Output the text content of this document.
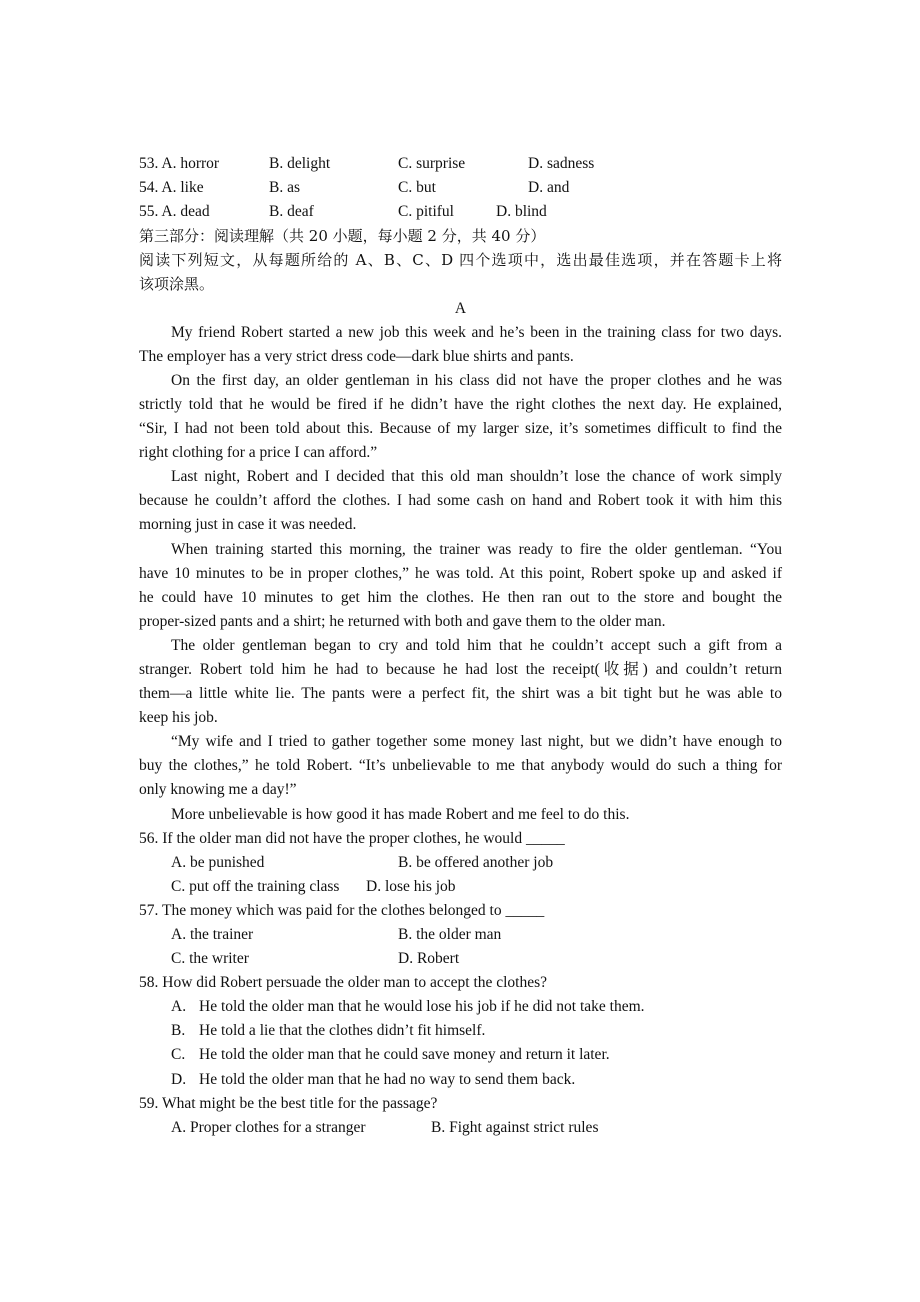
53. A. horror	B. delight	C. surprise	D. sadness
54. A. like	B. as	C. but	D. and
55. A. dead	B. deaf	C. pitiful	D. blind
第三部分：阅读理解（共 20 小题，每小题 2 分，共 40 分）
阅读下列短文，从每题所给的 A、B、C、D 四个选项中，选出最佳选项，并在答题卡上将
该项涂黑。
A
My friend Robert started a new job this week and he’s been in the training class for two days.
The employer has a very strict dress code—dark blue shirts and pants.
On the first day, an older gentleman in his class did not have the proper clothes and he was
strictly told that he would be fired if he didn’t have the right clothes the next day. He explained,
“Sir, I had not been told about this. Because of my larger size, it’s sometimes difficult to find the
right clothing for a price I can afford.”
Last night, Robert and I decided that this old man shouldn’t lose the chance of work simply
because he couldn’t afford the clothes. I had some cash on hand and Robert took it with him this
morning just in case it was needed.
When training started this morning, the trainer was ready to fire the older gentleman. “You
have 10 minutes to be in proper clothes,” he was told. At this point, Robert spoke up and asked if
he could have 10 minutes to get him the clothes. He then ran out to the store and bought the
proper-sized pants and a shirt; he returned with both and gave them to the older man.
The older gentleman began to cry and told him that he couldn’t accept such a gift from a
stranger. Robert told him he had to because he had lost the receipt(收据) and couldn’t return
them—a little white lie. The pants were a perfect fit, the shirt was a bit tight but he was able to
keep his job.
“My wife and I tried to gather together some money last night, but we didn’t have enough to
buy the clothes,” he told Robert. “It’s unbelievable to me that anybody would do such a thing for
only knowing me a day!”
More unbelievable is how good it has made Robert and me feel to do this.
56. If the older man did not have the proper clothes, he would _____
A. be punished	B. be offered another job
C. put off the training class D. lose his job
57. The money which was paid for the clothes belonged to _____
A. the trainer	B. the older man
C. the writer	D. Robert
58. How did Robert persuade the older man to accept the clothes?
A. He told the older man that he would lose his job if he did not take them.
B. He told a lie that the clothes didn’t fit himself.
C. He told the older man that he could save money and return it later.
D. He told the older man that he had no way to send them back.
59. What might be the best title for the passage?
A. Proper clothes for a stranger	B. Fight against strict rules
